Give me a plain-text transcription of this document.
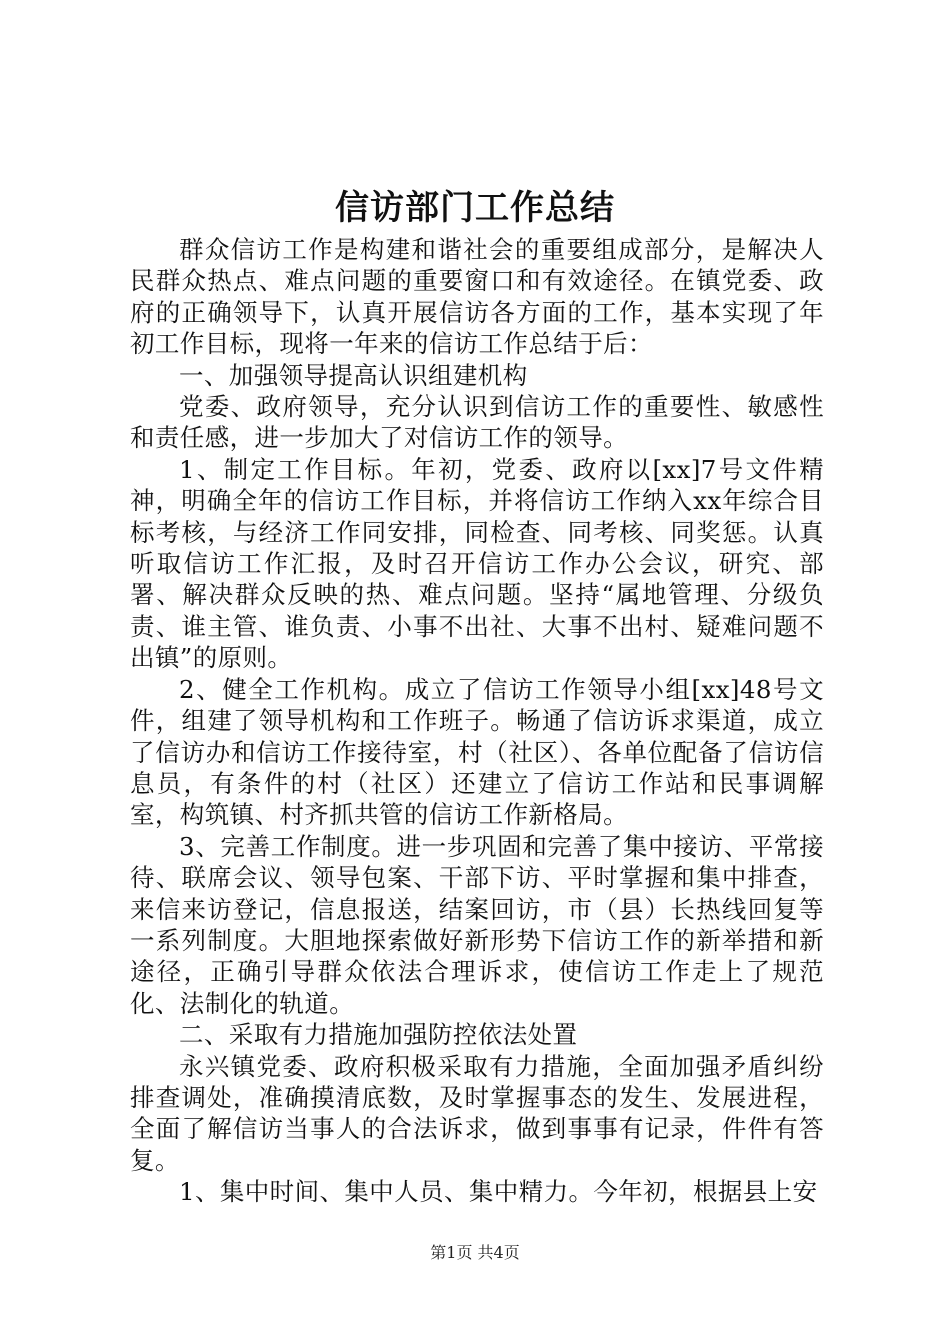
信访部门工作总结

群众信访工作是构建和谐社会的重要组成部分，是解决人民群众热点、难点问题的重要窗口和有效途径。在镇党委、政府的正确领导下，认真开展信访各方面的工作，基本实现了年初工作目标，现将一年来的信访工作总结于后：

一、加强领导提高认识组建机构

党委、政府领导，充分认识到信访工作的重要性、敏感性和责任感，进一步加大了对信访工作的领导。

1、制定工作目标。年初，党委、政府以[xx]7号文件精神，明确全年的信访工作目标，并将信访工作纳入xx年综合目标考核，与经济工作同安排，同检查、同考核、同奖惩。认真听取信访工作汇报，及时召开信访工作办公会议，研究、部署、解决群众反映的热、难点问题。坚持“属地管理、分级负责、谁主管、谁负责、小事不出社、大事不出村、疑难问题不出镇”的原则。

2、健全工作机构。成立了信访工作领导小组[xx]48号文件，组建了领导机构和工作班子。畅通了信访诉求渠道，成立了信访办和信访工作接待室，村（社区）、各单位配备了信访信息员，有条件的村（社区）还建立了信访工作站和民事调解室，构筑镇、村齐抓共管的信访工作新格局。

3、完善工作制度。进一步巩固和完善了集中接访、平常接待、联席会议、领导包案、干部下访、平时掌握和集中排查，来信来访登记，信息报送，结案回访，市（县）长热线回复等一系列制度。大胆地探索做好新形势下信访工作的新举措和新途径，正确引导群众依法合理诉求，使信访工作走上了规范化、法制化的轨道。

二、采取有力措施加强防控依法处置

永兴镇党委、政府积极采取有力措施，全面加强矛盾纠纷排查调处，准确摸清底数，及时掌握事态的发生、发展进程，全面了解信访当事人的合法诉求，做到事事有记录，件件有答复。

1、集中时间、集中人员、集中精力。今年初，根据县上安

第1页 共4页
